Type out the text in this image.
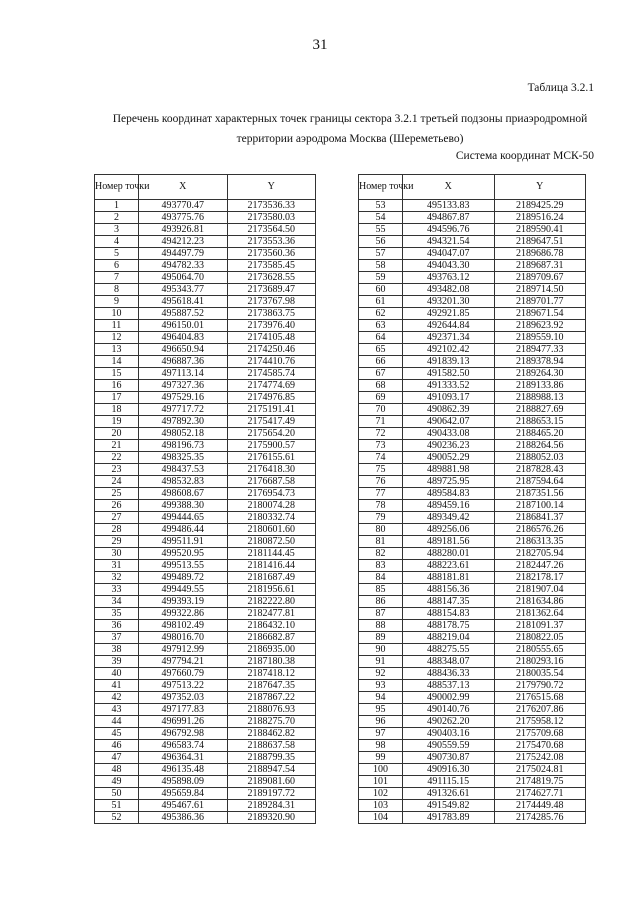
31
Таблица 3.2.1
Перечень координат характерных точек границы сектора 3.2.1 третьей подзоны приаэродромной
территории аэродрома Москва (Шереметьево)
Система координат МСК-50
Номер точки	X	Y
1	493770.47	2173536.33
2	493775.76	2173580.03
3	493926.81	2173564.50
4	494212.23	2173553.36
5	494497.79	2173560.36
6	494782.33	2173585.45
7	495064.70	2173628.55
8	495343.77	2173689.47
9	495618.41	2173767.98
10	495887.52	2173863.75
11	496150.01	2173976.40
12	496404.83	2174105.48
13	496650.94	2174250.46
14	496887.36	2174410.76
15	497113.14	2174585.74
16	497327.36	2174774.69
17	497529.16	2174976.85
18	497717.72	2175191.41
19	497892.30	2175417.49
20	498052.18	2175654.20
21	498196.73	2175900.57
22	498325.35	2176155.61
23	498437.53	2176418.30
24	498532.83	2176687.58
25	498608.67	2176954.73
26	499388.30	2180074.28
27	499444.65	2180332.74
28	499486.44	2180601.60
29	499511.91	2180872.50
30	499520.95	2181144.45
31	499513.55	2181416.44
32	499489.72	2181687.49
33	499449.55	2181956.61
34	499393.19	2182222.80
35	499322.86	2182477.81
36	498102.49	2186432.10
37	498016.70	2186682.87
38	497912.99	2186935.00
39	497794.21	2187180.38
40	497660.79	2187418.12
41	497513.22	2187647.35
42	497352.03	2187867.22
43	497177.83	2188076.93
44	496991.26	2188275.70
45	496792.98	2188462.82
46	496583.74	2188637.58
47	496364.31	2188799.35
48	496135.48	2188947.54
49	495898.09	2189081.60
50	495659.84	2189197.72
51	495467.61	2189284.31
52	495386.36	2189320.90
Номер точки	X	Y
53	495133.83	2189425.29
54	494867.87	2189516.24
55	494596.76	2189590.41
56	494321.54	2189647.51
57	494047.07	2189686.78
58	494043.30	2189687.31
59	493763.12	2189709.67
60	493482.08	2189714.50
61	493201.30	2189701.77
62	492921.85	2189671.54
63	492644.84	2189623.92
64	492371.34	2189559.10
65	492102.42	2189477.33
66	491839.13	2189378.94
67	491582.50	2189264.30
68	491333.52	2189133.86
69	491093.17	2188988.13
70	490862.39	2188827.69
71	490642.07	2188653.15
72	490433.08	2188465.20
73	490236.23	2188264.56
74	490052.29	2188052.03
75	489881.98	2187828.43
76	489725.95	2187594.64
77	489584.83	2187351.56
78	489459.16	2187100.14
79	489349.42	2186841.37
80	489256.06	2186576.26
81	489181.56	2186313.35
82	488280.01	2182705.94
83	488223.61	2182447.26
84	488181.81	2182178.17
85	488156.36	2181907.04
86	488147.35	2181634.86
87	488154.83	2181362.64
88	488178.75	2181091.37
89	488219.04	2180822.05
90	488275.55	2180555.65
91	488348.07	2180293.16
92	488436.33	2180035.54
93	488537.13	2179790.72
94	490002.99	2176515.68
95	490140.76	2176207.86
96	490262.20	2175958.12
97	490403.16	2175709.68
98	490559.59	2175470.68
99	490730.87	2175242.08
100	490916.30	2175024.81
101	491115.15	2174819.75
102	491326.61	2174627.71
103	491549.82	2174449.48
104	491783.89	2174285.76
